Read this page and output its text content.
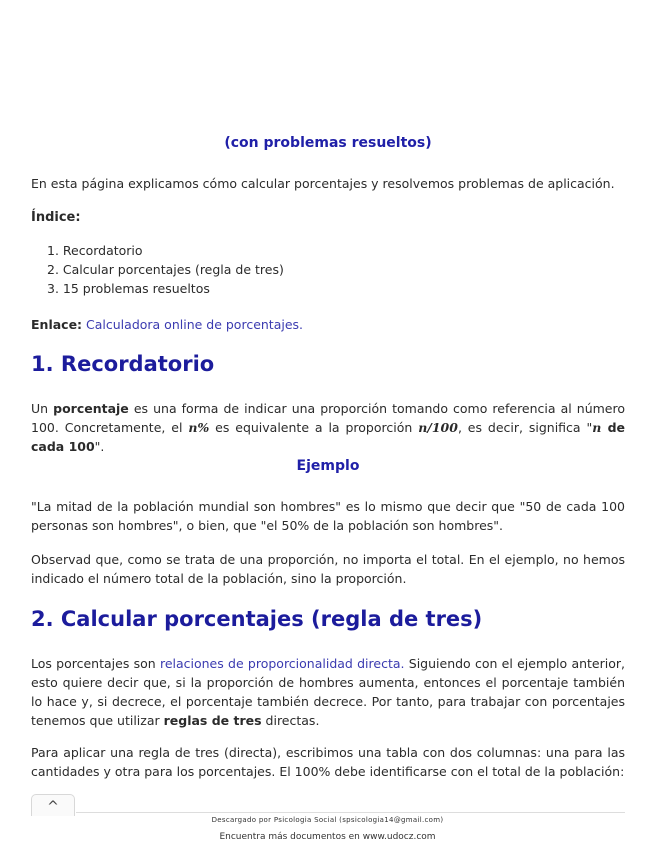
(con problemas resueltos)

En esta página explicamos cómo calcular porcentajes y resolvemos problemas de aplicación.

Índice:

1. Recordatorio
2. Calcular porcentajes (regla de tres)
3. 15 problemas resueltos

Enlace: Calculadora online de porcentajes.

1. Recordatorio

Un porcentaje es una forma de indicar una proporción tomando como referencia al número 100. Concretamente, el n% es equivalente a la proporción n/100, es decir, significa "n de cada 100".

Ejemplo

"La mitad de la población mundial son hombres" es lo mismo que decir que "50 de cada 100 personas son hombres", o bien, que "el 50% de la población son hombres".

Observad que, como se trata de una proporción, no importa el total. En el ejemplo, no hemos indicado el número total de la población, sino la proporción.

2. Calcular porcentajes (regla de tres)

Los porcentajes son relaciones de proporcionalidad directa. Siguiendo con el ejemplo anterior, esto quiere decir que, si la proporción de hombres aumenta, entonces el porcentaje también lo hace y, si decrece, el porcentaje también decrece. Por tanto, para trabajar con porcentajes tenemos que utilizar reglas de tres directas.

Para aplicar una regla de tres (directa), escribimos una tabla con dos columnas: una para las cantidades y otra para los porcentajes. El 100% debe identificarse con el total de la población:

^
Descargado por Psicologia Social (spsicologia14@gmail.com)
Encuentra más documentos en www.udocz.com
